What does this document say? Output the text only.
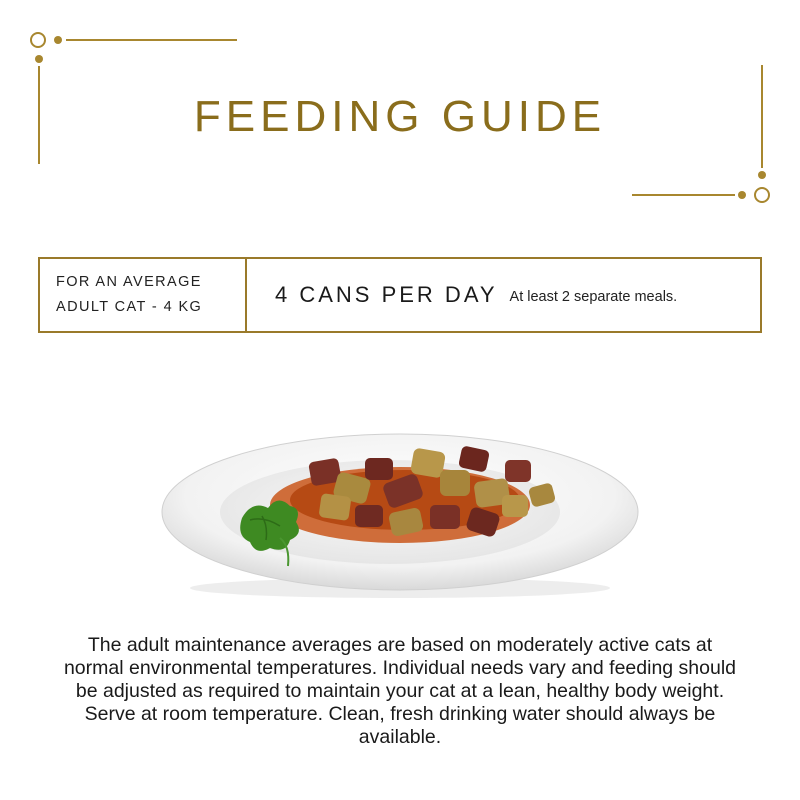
FEEDING GUIDE
FOR AN AVERAGE
ADULT CAT - 4 KG	4 CANS PER DAY At least 2 separate meals.

The adult maintenance averages are based on moderately active cats at normal environmental temperatures. Individual needs vary and feeding should be adjusted as required to maintain your cat at a lean, healthy body weight.

Serve at room temperature. Clean, fresh drinking water should always be available.
